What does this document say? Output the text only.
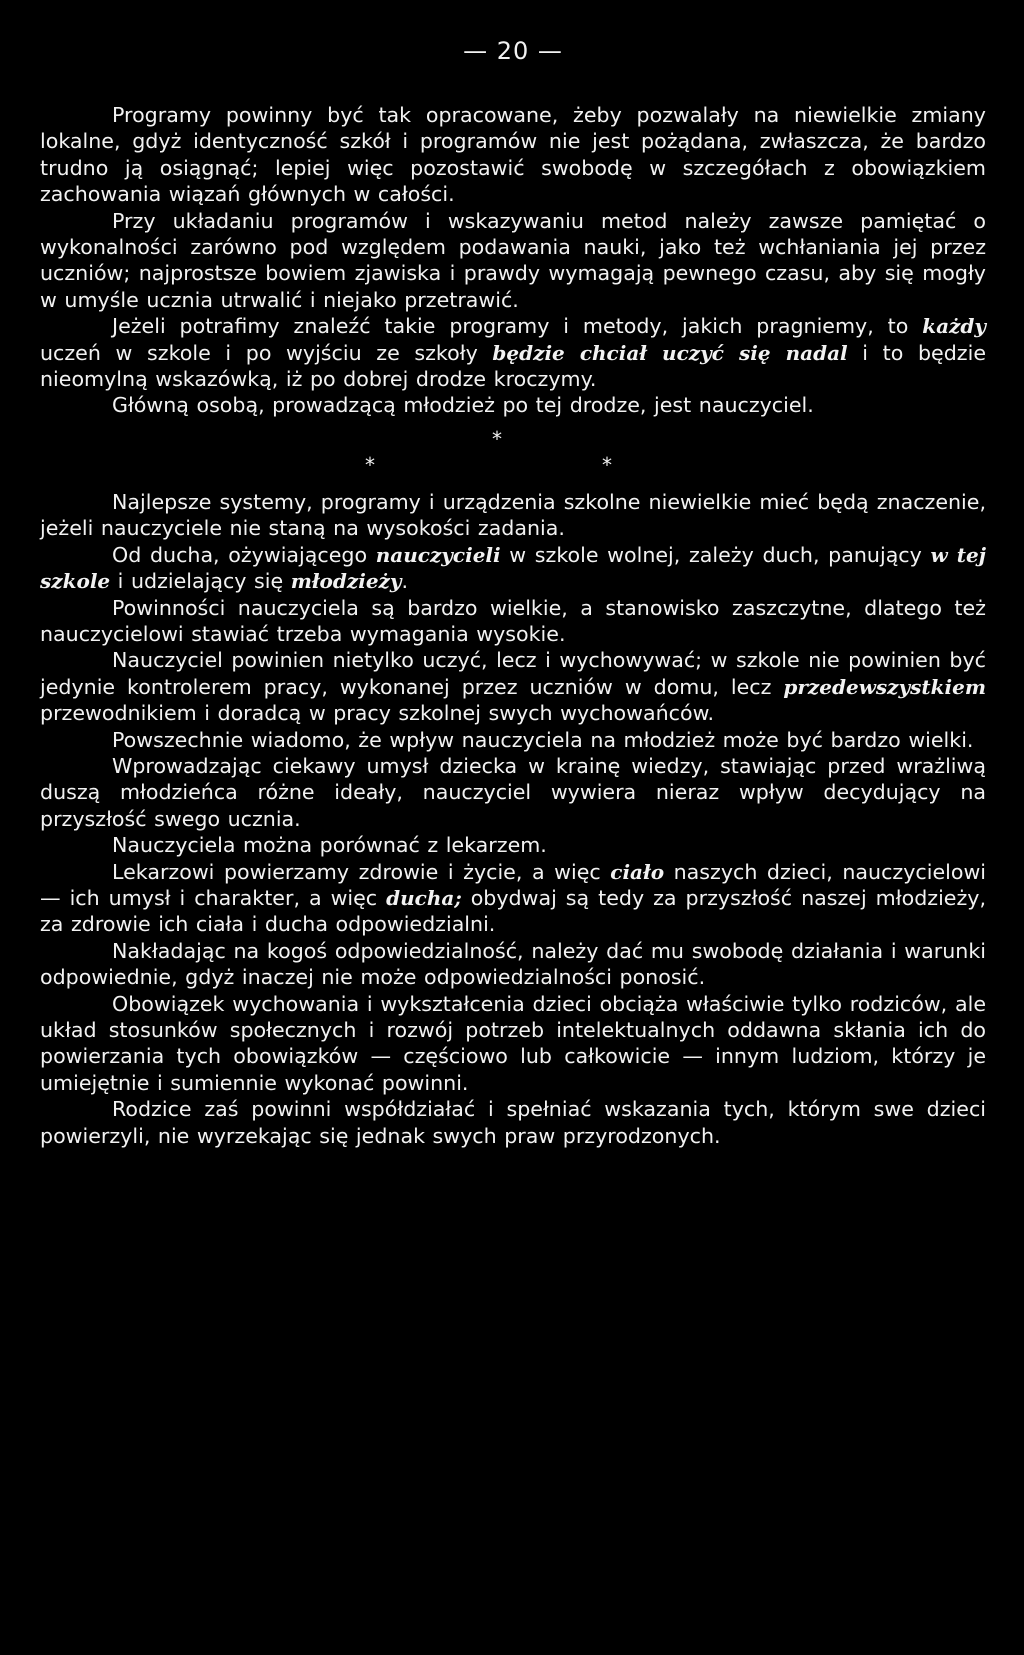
— 20 —

Programy powinny być tak opracowane, żeby pozwalały na niewielkie zmiany lokalne, gdyż identyczność szkół i programów nie jest pożądana, zwłaszcza, że bardzo trudno ją osiągnąć; lepiej więc pozostawić swobodę w szczegółach z obowiązkiem zachowania wiązań głównych w całości.

Przy układaniu programów i wskazywaniu metod należy zawsze pamiętać o wykonalności zarówno pod względem podawania nauki, jako też wchłaniania jej przez uczniów; najprostsze bowiem zjawiska i prawdy wymagają pewnego czasu, aby się mogły w umyśle ucznia utrwalić i niejako przetrawić.

Jeżeli potrafimy znaleźć takie programy i metody, jakich pragniemy, to każdy uczeń w szkole i po wyjściu ze szkoły będzie chciał uczyć się nadal i to będzie nieomylną wskazówką, iż po dobrej drodze kroczymy.

Główną osobą, prowadzącą młodzież po tej drodze, jest nauczyciel.

*
*	*

Najlepsze systemy, programy i urządzenia szkolne niewielkie mieć będą znaczenie, jeżeli nauczyciele nie staną na wysokości zadania.

Od ducha, ożywiającego nauczycieli w szkole wolnej, zależy duch, panujący w tej szkole i udzielający się młodzieży.

Powinności nauczyciela są bardzo wielkie, a stanowisko zaszczytne, dlatego też nauczycielowi stawiać trzeba wymagania wysokie.

Nauczyciel powinien nietylko uczyć, lecz i wychowywać; w szkole nie powinien być jedynie kontrolerem pracy, wykonanej przez uczniów w domu, lecz przedewszystkiem przewodnikiem i doradcą w pracy szkolnej swych wychowańców.

Powszechnie wiadomo, że wpływ nauczyciela na młodzież może być bardzo wielki.

Wprowadzając ciekawy umysł dziecka w krainę wiedzy, stawiając przed wrażliwą duszą młodzieńca różne ideały, nauczyciel wywiera nieraz wpływ decydujący na przyszłość swego ucznia.

Nauczyciela można porównać z lekarzem.

Lekarzowi powierzamy zdrowie i życie, a więc ciało naszych dzieci, nauczycielowi — ich umysł i charakter, a więc ducha; obydwaj są tedy za przyszłość naszej młodzieży, za zdrowie ich ciała i ducha odpowiedzialni.

Nakładając na kogoś odpowiedzialność, należy dać mu swobodę działania i warunki odpowiednie, gdyż inaczej nie może odpowiedzialności ponosić.

Obowiązek wychowania i wykształcenia dzieci obciąża właściwie tylko rodziców, ale układ stosunków społecznych i rozwój potrzeb intelektualnych oddawna skłania ich do powierzania tych obowiązków — częściowo lub całkowicie — innym ludziom, którzy je umiejętnie i sumiennie wykonać powinni.

Rodzice zaś powinni współdziałać i spełniać wskazania tych, którym swe dzieci powierzyli, nie wyrzekając się jednak swych praw przyrodzonych.
